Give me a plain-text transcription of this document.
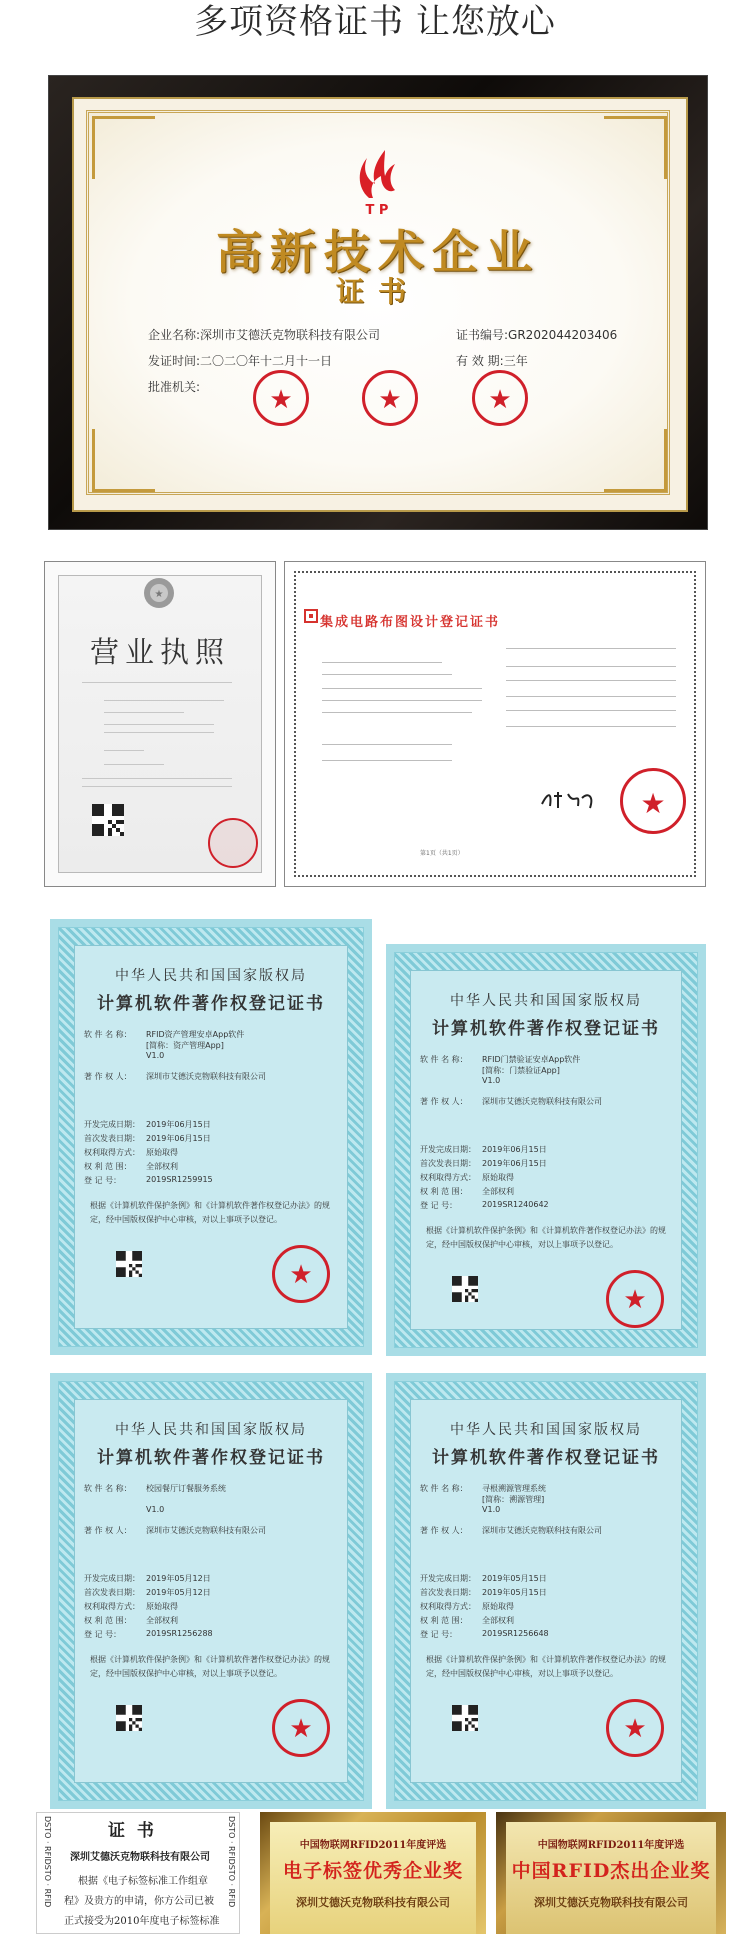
多项资格证书 让您放心
T P
高新技术企业
证书
企业名称:深圳市艾德沃克物联科技有限公司	证书编号:GR202044203406
发证时间:二〇二〇年十二月十一日	有 效 期:三年
批准机关:	★	★	★
★
营业执照
集成电路布图设计登记证书
★
第1页（共1页）
中华人民共和国国家版权局
计算机软件著作权登记证书
软 件 名 称： RFID资产管理安卓App软件
[简称：资产管理App]
V1.0
著 作 权 人： 深圳市艾德沃克物联科技有限公司
开发完成日期： 2019年06月15日
首次发表日期： 2019年06月15日
权利取得方式： 原始取得
权 利 范 围： 全部权利
登 记 号：	2019SR1259915
根据《计算机软件保护条例》和《计算机软件著作权登记办法》的规定，经中国版权保护中心审核，对以上事项予以登记。
★
中华人民共和国国家版权局
计算机软件著作权登记证书
软 件 名 称： RFID门禁验证安卓App软件
[简称：门禁验证App]
V1.0
著 作 权 人： 深圳市艾德沃克物联科技有限公司
开发完成日期： 2019年06月15日
首次发表日期： 2019年06月15日
权利取得方式： 原始取得
权 利 范 围： 全部权利
登 记 号：	2019SR1240642
根据《计算机软件保护条例》和《计算机软件著作权登记办法》的规定，经中国版权保护中心审核，对以上事项予以登记。
★
中华人民共和国国家版权局
计算机软件著作权登记证书
软 件 名 称： 校园餐厅订餐服务系统
V1.0
著 作 权 人： 深圳市艾德沃克物联科技有限公司
开发完成日期： 2019年05月12日
首次发表日期： 2019年05月12日
权利取得方式： 原始取得
权 利 范 围： 全部权利
登 记 号：	2019SR1256288
根据《计算机软件保护条例》和《计算机软件著作权登记办法》的规定，经中国版权保护中心审核，对以上事项予以登记。
★
中华人民共和国国家版权局
计算机软件著作权登记证书
软 件 名 称： 寻根溯源管理系统
[简称：溯源管理]
V1.0
著 作 权 人： 深圳市艾德沃克物联科技有限公司
开发完成日期： 2019年05月15日
首次发表日期： 2019年05月15日
权利取得方式： 原始取得
权 利 范 围： 全部权利
登 记 号：	2019SR1256648
根据《计算机软件保护条例》和《计算机软件著作权登记办法》的规定，经中国版权保护中心审核，对以上事项予以登记。
★
证 书
深圳艾德沃克物联科技有限公司
根据《电子标签标准工作组章
程》及贵方的申请，你方公司已被
正式接受为2010年度电子标签标准
DSTO · RFIDSTO · RFID	DSTO · RFIDSTO · RFID	中国物联网RFID2011年度评选
电子标签优秀企业奖
深圳艾德沃克物联科技有限公司
中国物联网RFID2011年度评选
中国RFID杰出企业奖
深圳艾德沃克物联科技有限公司
